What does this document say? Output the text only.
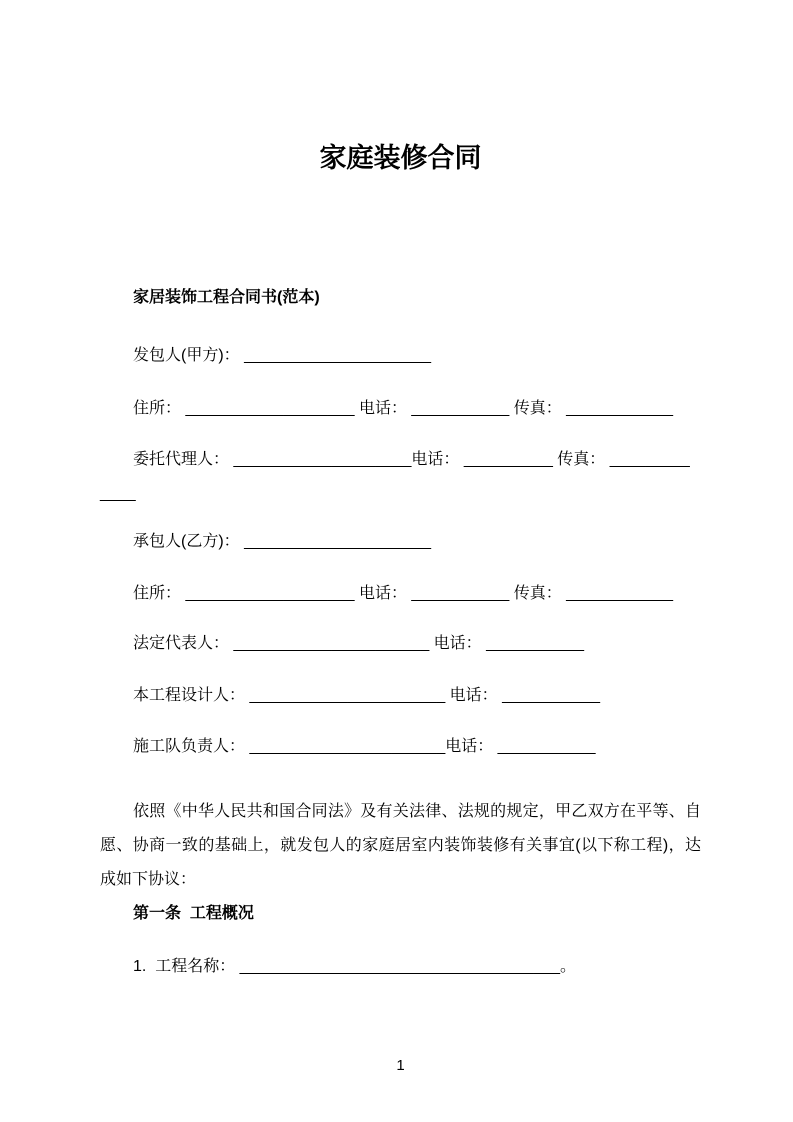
家庭装修合同

家居装饰工程合同书(范本)

发包人(甲方)： _____________________

住所： ___________________ 电话： ___________ 传真： ____________

委托代理人： ____________________电话： __________ 传真： _________

____

承包人(乙方)： _____________________

住所： ___________________ 电话： ___________ 传真： ____________

法定代表人： ______________________ 电话： ___________

本工程设计人： ______________________ 电话： ___________

施工队负责人： ______________________电话： ___________

依照《中华人民共和国合同法》及有关法律、法规的规定，甲乙双方在平等、自愿、协商一致的基础上，就发包人的家庭居室内装饰装修有关事宜(以下称工程)，达成如下协议：

第一条  工程概况

1.  工程名称： ____________________________________。

1
